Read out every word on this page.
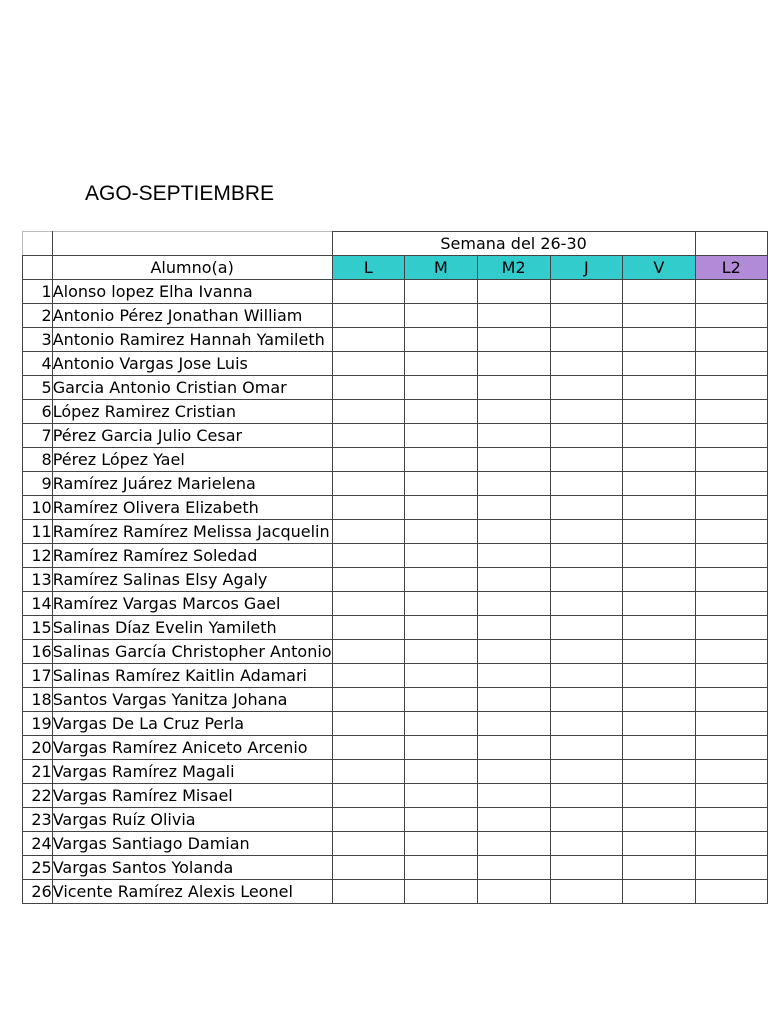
AGO-SEPTIEMBRE
		Semana del 26-30					
	Alumno(a)	L	M	M2	J	V	L2
1	Alonso lopez Elha Ivanna						
2	Antonio Pérez Jonathan William						
3	Antonio Ramirez Hannah Yamileth						
4	Antonio Vargas Jose Luis						
5	Garcia Antonio Cristian Omar						
6	López Ramirez Cristian						
7	Pérez Garcia Julio Cesar						
8	Pérez López Yael						
9	Ramírez Juárez Marielena						
10	Ramírez Olivera Elizabeth						
11	Ramírez Ramírez Melissa Jacquelin						
12	Ramírez Ramírez Soledad						
13	Ramírez Salinas Elsy Agaly						
14	Ramírez Vargas Marcos Gael						
15	Salinas Díaz Evelin Yamileth						
16	Salinas García Christopher Antonio						
17	Salinas Ramírez Kaitlin Adamari						
18	Santos Vargas Yanitza Johana						
19	Vargas De La Cruz Perla						
20	Vargas Ramírez Aniceto Arcenio						
21	Vargas Ramírez Magali						
22	Vargas Ramírez Misael						
23	Vargas Ruíz Olivia						
24	Vargas Santiago Damian						
25	Vargas Santos Yolanda						
26	Vicente Ramírez Alexis Leonel						
